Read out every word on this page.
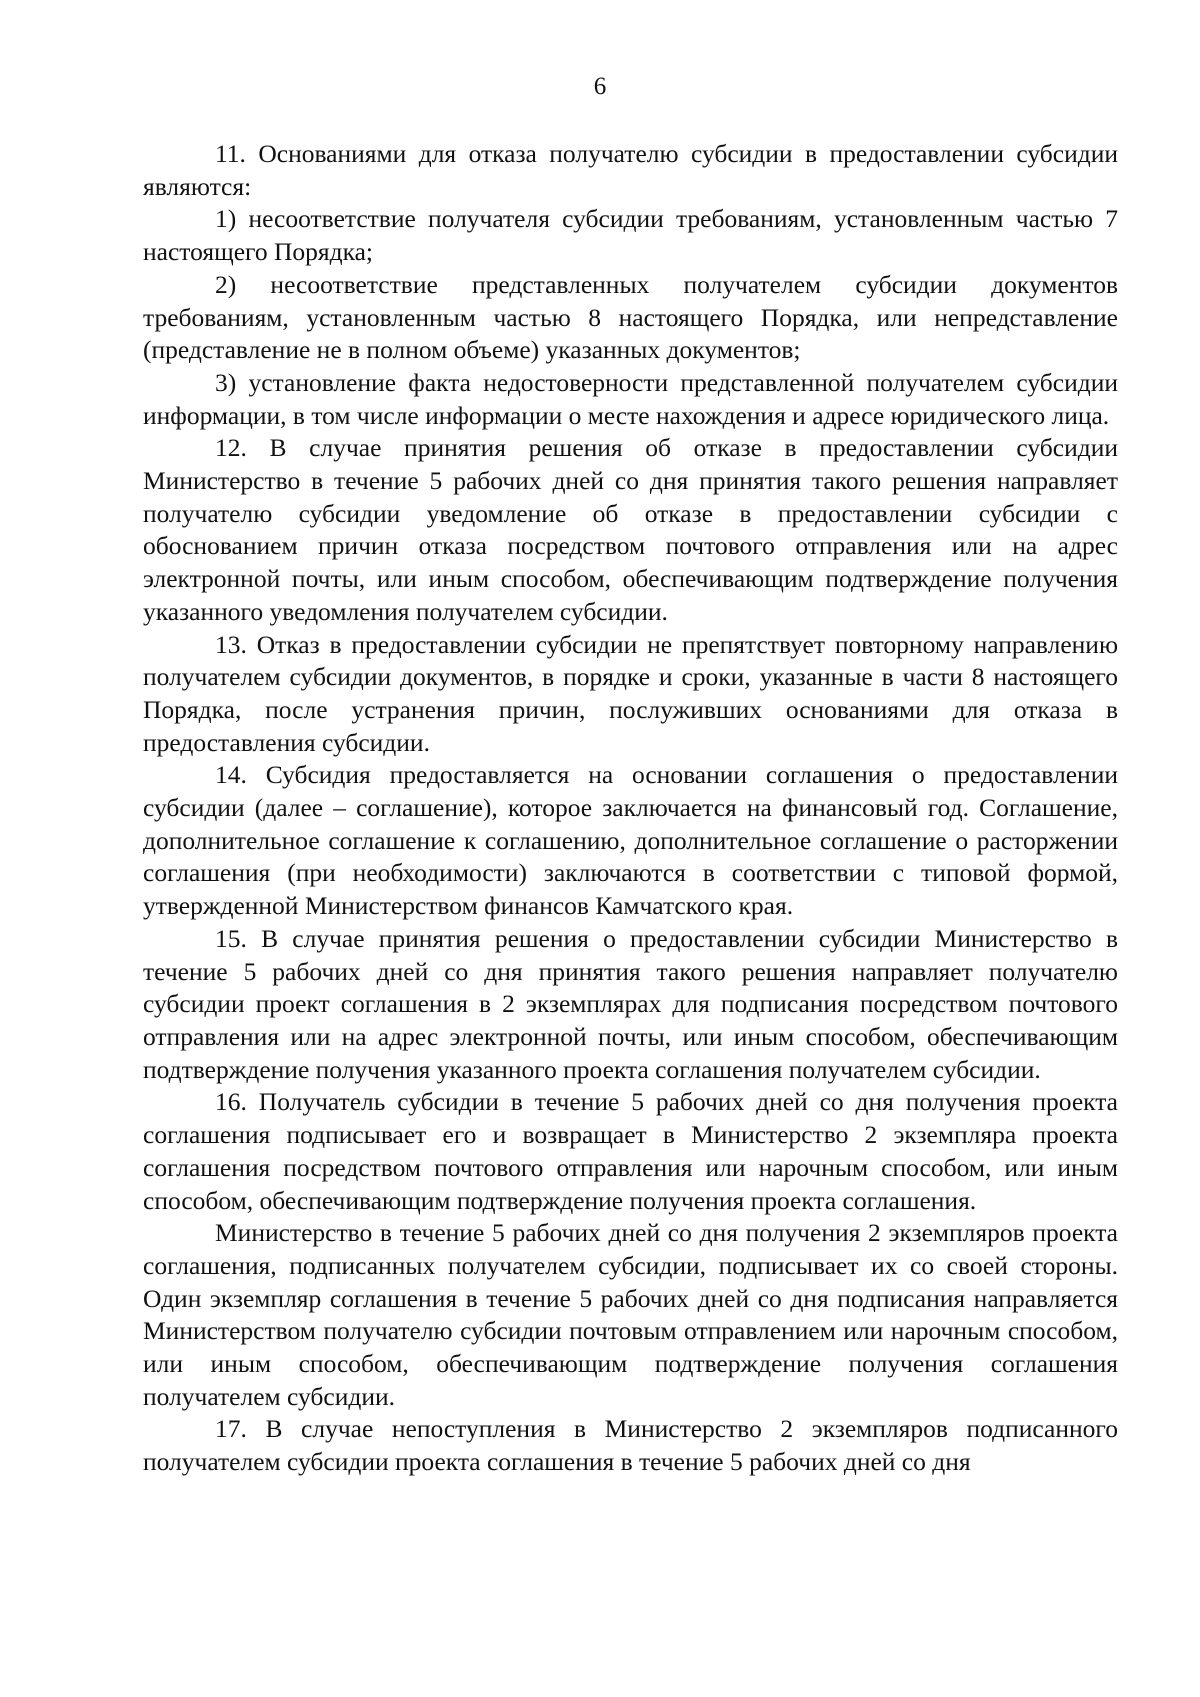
6

11. Основаниями для отказа получателю субсидии в предоставлении субсидии являются:

1) несоответствие получателя субсидии требованиям, установленным частью 7 настоящего Порядка;

2) несоответствие представленных получателем субсидии документов требованиям, установленным частью 8 настоящего Порядка, или непредставление (представление не в полном объеме) указанных документов;

3) установление факта недостоверности представленной получателем субсидии информации, в том числе информации о месте нахождения и адресе юридического лица.

12. В случае принятия решения об отказе в предоставлении субсидии Министерство в течение 5 рабочих дней со дня принятия такого решения направляет получателю субсидии уведомление об отказе в предоставлении субсидии с обоснованием причин отказа посредством почтового отправления или на адрес электронной почты, или иным способом, обеспечивающим подтверждение получения указанного уведомления получателем субсидии.

13. Отказ в предоставлении субсидии не препятствует повторному направлению получателем субсидии документов, в порядке и сроки, указанные в части 8 настоящего Порядка, после устранения причин, послуживших основаниями для отказа в предоставления субсидии.

14. Субсидия предоставляется на основании соглашения о предоставлении субсидии (далее – соглашение), которое заключается на финансовый год. Соглашение, дополнительное соглашение к соглашению, дополнительное соглашение о расторжении соглашения (при необходимости) заключаются в соответствии с типовой формой, утвержденной Министерством финансов Камчатского края.

15. В случае принятия решения о предоставлении субсидии Министерство в течение 5 рабочих дней со дня принятия такого решения направляет получателю субсидии проект соглашения в 2 экземплярах для подписания посредством почтового отправления или на адрес электронной почты, или иным способом, обеспечивающим подтверждение получения указанного проекта соглашения получателем субсидии.

16. Получатель субсидии в течение 5 рабочих дней со дня получения проекта соглашения подписывает его и возвращает в Министерство 2 экземпляра проекта соглашения посредством почтового отправления или нарочным способом, или иным способом, обеспечивающим подтверждение получения проекта соглашения.

Министерство в течение 5 рабочих дней со дня получения 2 экземпляров проекта соглашения, подписанных получателем субсидии, подписывает их со своей стороны. Один экземпляр соглашения в течение 5 рабочих дней со дня подписания направляется Министерством получателю субсидии почтовым отправлением или нарочным способом, или иным способом, обеспечивающим подтверждение получения соглашения получателем субсидии.

17. В случае непоступления в Министерство 2 экземпляров подписанного получателем субсидии проекта соглашения в течение 5 рабочих дней со дня
